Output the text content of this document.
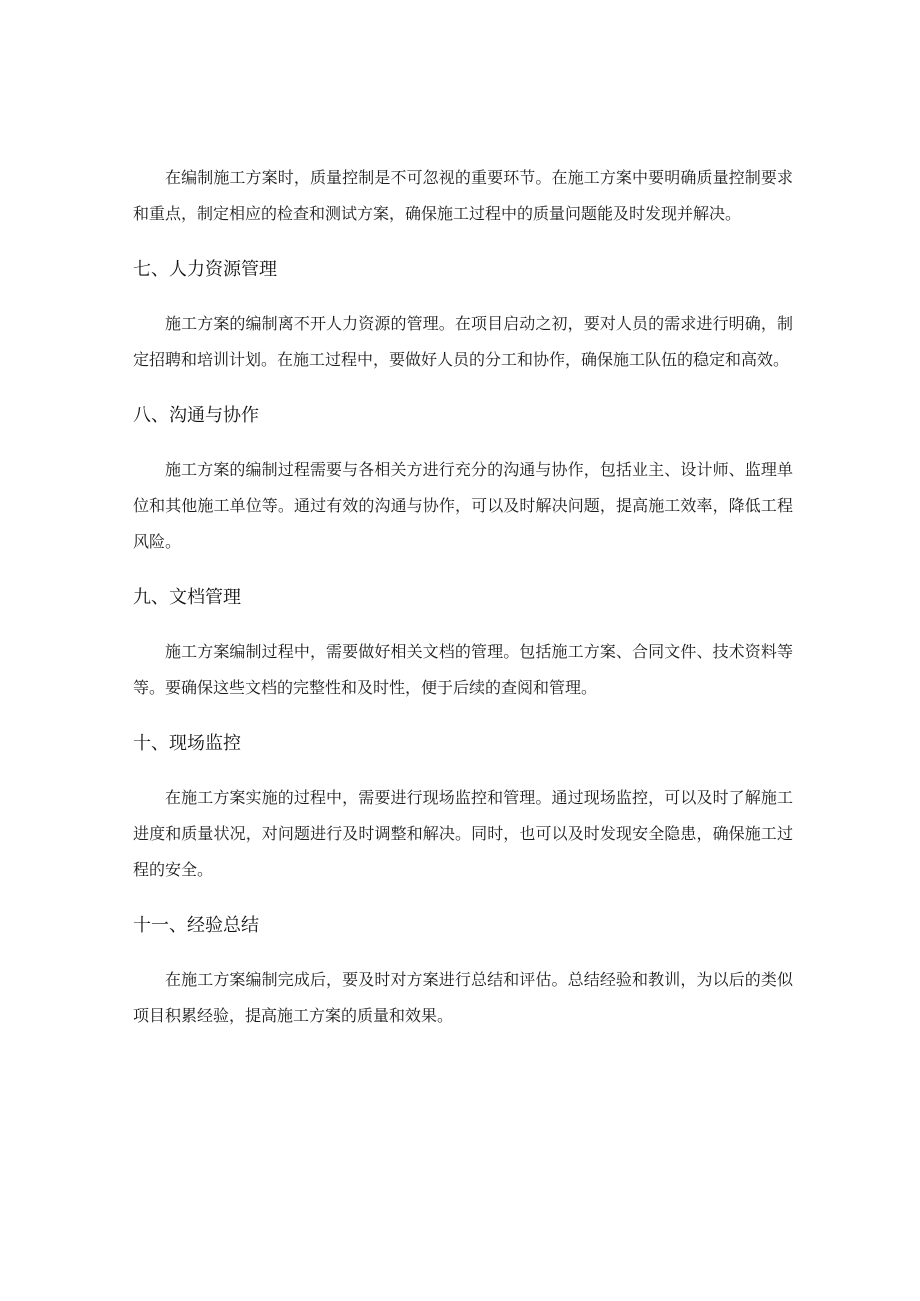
在编制施工方案时，质量控制是不可忽视的重要环节。在施工方案中要明确质量控制要求和重点，制定相应的检查和测试方案，确保施工过程中的质量问题能及时发现并解决。

七、人力资源管理

施工方案的编制离不开人力资源的管理。在项目启动之初，要对人员的需求进行明确，制定招聘和培训计划。在施工过程中，要做好人员的分工和协作，确保施工队伍的稳定和高效。

八、沟通与协作

施工方案的编制过程需要与各相关方进行充分的沟通与协作，包括业主、设计师、监理单位和其他施工单位等。通过有效的沟通与协作，可以及时解决问题，提高施工效率，降低工程风险。

九、文档管理

施工方案编制过程中，需要做好相关文档的管理。包括施工方案、合同文件、技术资料等等。要确保这些文档的完整性和及时性，便于后续的查阅和管理。

十、现场监控

在施工方案实施的过程中，需要进行现场监控和管理。通过现场监控，可以及时了解施工进度和质量状况，对问题进行及时调整和解决。同时，也可以及时发现安全隐患，确保施工过程的安全。

十一、经验总结

在施工方案编制完成后，要及时对方案进行总结和评估。总结经验和教训，为以后的类似项目积累经验，提高施工方案的质量和效果。
